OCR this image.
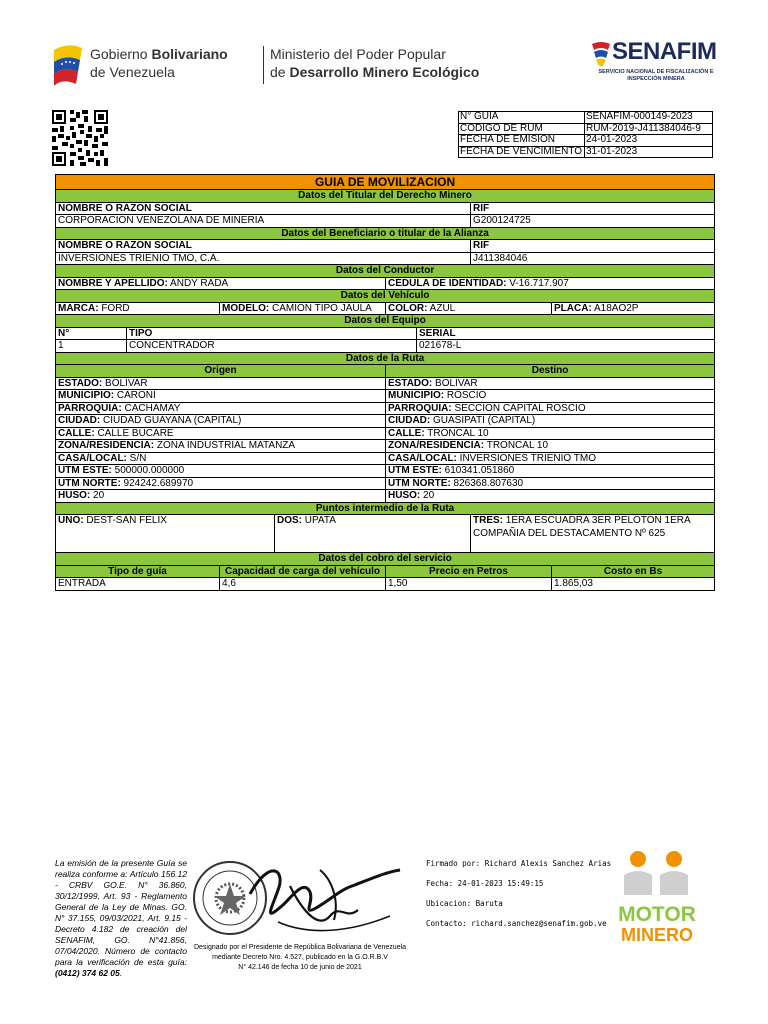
Gobierno Bolivariano
de Venezuela
Ministerio del Poder Popular
de Desarrollo Minero Ecológico
SENAFIM
SERVICIO NACIONAL DE FISCALIZACIÓN E INSPECCIÓN MINERA
N° GUIA	SENAFIM-000149-2023
CODIGO DE RUM	RUM-2019-J411384046-9
FECHA DE EMISION	24-01-2023
FECHA DE VENCIMIENTO	31-01-2023
GUIA DE MOVILIZACION							
Datos del Titular del Derecho Minero							
NOMBRE O RAZON SOCIAL						RIF	
CORPORACION VENEZOLANA DE MINERIA						G200124725	
Datos del Beneficiario o titular de la Alianza							
NOMBRE O RAZON SOCIAL						RIF	
INVERSIONES TRIENIO TMO, C.A.						J411384046	
Datos del Conductor							
NOMBRE Y APELLIDO: ANDY RADA				CÉDULA DE IDENTIDAD: V-16.717.907			
Datos del Vehículo							
MARCA: FORD		MODELO: CAMION TIPO JAULA		COLOR: AZUL			PLACA: A18AO2P
Datos del Equipo							
N°	TIPO				SERIAL		
1	CONCENTRADOR				021678-L		
Datos de la Ruta							
Origen				Destino			
ESTADO: BOLIVAR				ESTADO: BOLIVAR			
MUNICIPIO: CARONI				MUNICIPIO: ROSCIO			
PARROQUIA: CACHAMAY				PARROQUIA: SECCION CAPITAL ROSCIO			
CIUDAD: CIUDAD GUAYANA (CAPITAL)				CIUDAD: GUASIPATI (CAPITAL)			
CALLE: CALLE BUCARE				CALLE: TRONCAL 10			
ZONA/RESIDENCIA: ZONA INDUSTRIAL MATANZA				ZONA/RESIDENCIA: TRONCAL 10			
CASA/LOCAL: S/N				CASA/LOCAL: INVERSIONES TRIENIO TMO			
UTM ESTE: 500000.000000				UTM ESTE: 610341.051860			
UTM NORTE: 924242.689970				UTM NORTE: 826368.807630			
HUSO: 20				HUSO: 20			
Puntos intermedio de la Ruta							
UNO: DEST-SAN FELIX			DOS: UPATA			TRES: 1ERA ESCUADRA 3ER PELOTON 1ERA COMPAÑIA DEL DESTACAMENTO Nº 625	
Datos del cobro del servicio							
Tipo de guía		Capacidad de carga del vehículo		Precio en Petros			Costo en Bs
ENTRADA		4,6		1,50			1.865,03
La emisión de la presente Guía se realiza conforme a: Artículo 156.12 - CRBV GO.E. N° 36.860, 30/12/1999, Art. 93 - Reglamento General de la Ley de Minas. GO. N° 37.155, 09/03/2021, Art. 9.15 - Decreto 4.182 de creación del SENAFIM, GO. N°41.856, 07/04/2020. Número de contacto para la verificación de esta guía: (0412) 374 62 05.
Designado por el Presidente de República Bolivariana de Venezuela
mediante Decreto Nro. 4.527, publicado en la G.O.R.B.V
N° 42.146 de fecha 10 de junio de 2021
Firmado por: Richard Alexis Sanchez Arias
Fecha: 24-01-2023 15:49:15
Ubicacion: Baruta
Contacto: richard.sanchez@senafim.gob.ve MOTOR
MINERO
